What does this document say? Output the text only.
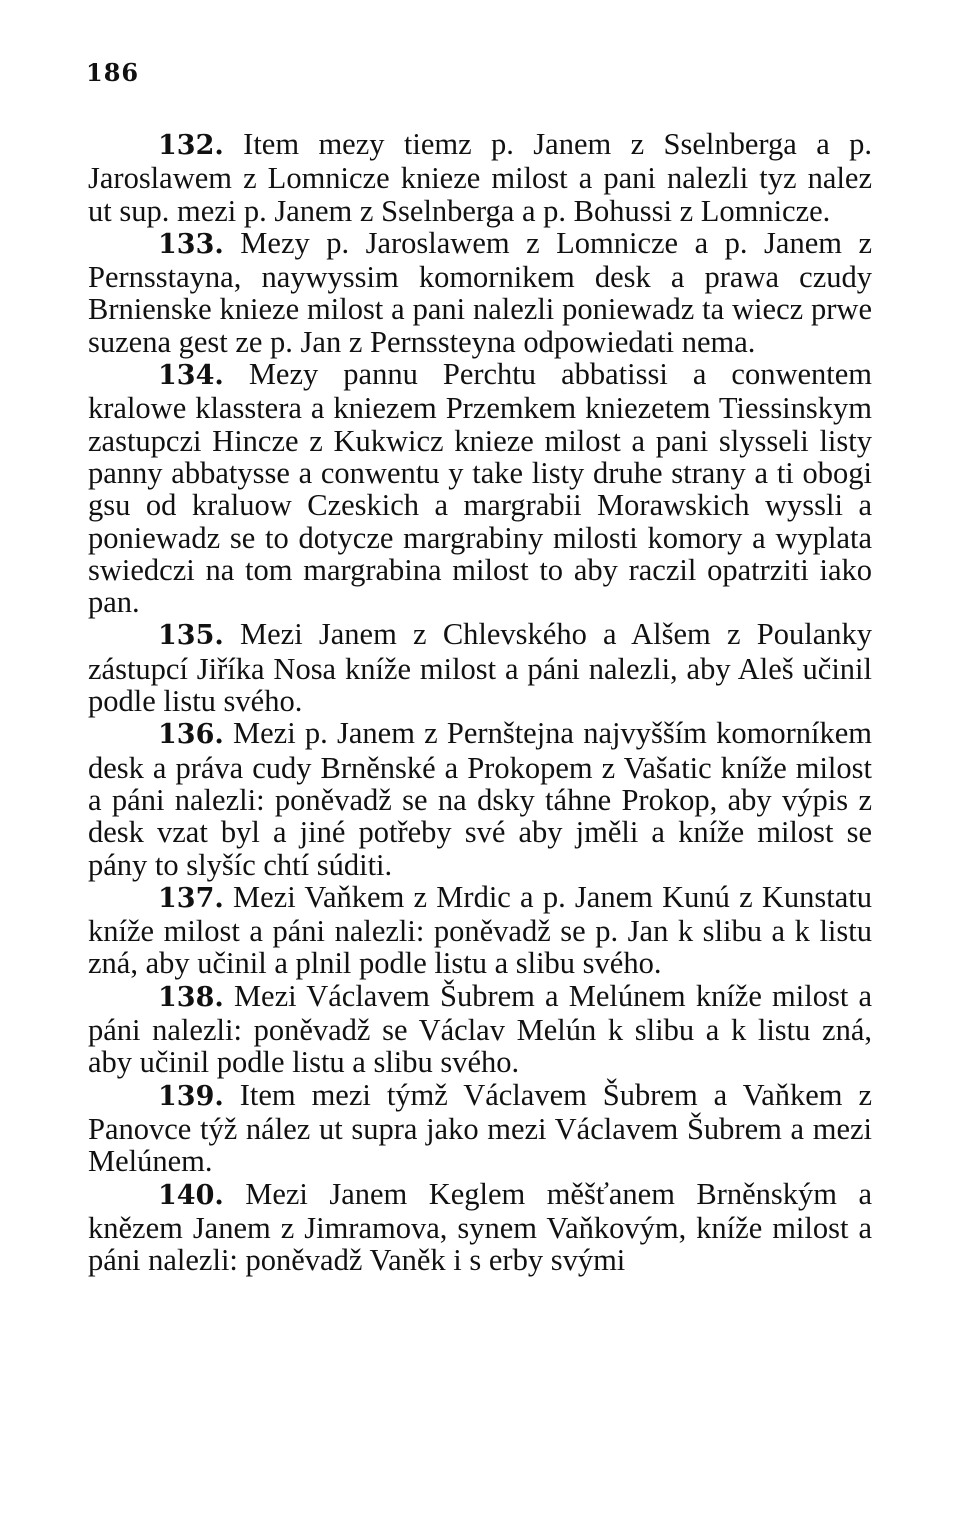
186

132. Item mezy tiemz p. Janem z Sselnberga a p. Jaroslawem z Lomnicze knieze milost a pani nalezli tyz nalez ut sup. mezi p. Janem z Sselnberga a p. Bohussi z Lomnicze.

133. Mezy p. Jaroslawem z Lomnicze a p. Janem z Pernsstayna, naywyssim komornikem desk a prawa czudy Brnienske knieze milost a pani nalezli poniewadz ta wiecz prwe suzena gest ze p. Jan z Pernssteyna odpowiedati nema.

134. Mezy pannu Perchtu abbatissi a conwentem kralowe klasstera a kniezem Przemkem kniezetem Tiessinskym zastupczi Hincze z Kukwicz knieze milost a pani slysseli listy panny abbatysse a conwentu y take listy druhe strany a ti obogi gsu od kraluow Czeskich a margrabii Morawskich wyssli a poniewadz se to dotycze margrabiny milosti komory a wyplata swiedczi na tom margrabina milost to aby raczil opatrziti iako pan.

135. Mezi Janem z Chlevského a Alšem z Poulanky zástupcí Jiříka Nosa kníže milost a páni nalezli, aby Aleš učinil podle listu svého.

136. Mezi p. Janem z Pernštejna najvyšším komorníkem desk a práva cudy Brněnské a Prokopem z Vašatic kníže milost a páni nalezli: poněvadž se na dsky táhne Prokop, aby výpis z desk vzat byl a jiné potřeby své aby jměli a kníže milost se pány to slyšíc chtí súditi.

137. Mezi Vaňkem z Mrdic a p. Janem Kunú z Kunstatu kníže milost a páni nalezli: poněvadž se p. Jan k slibu a k listu zná, aby učinil a plnil podle listu a slibu svého.

138. Mezi Václavem Šubrem a Melúnem kníže milost a páni nalezli: poněvadž se Václav Melún k slibu a k listu zná, aby učinil podle listu a slibu svého.

139. Item mezi týmž Václavem Šubrem a Vaňkem z Panovce týž nález ut supra jako mezi Václavem Šubrem a mezi Melúnem.

140. Mezi Janem Keglem měšťanem Brněnským a knězem Janem z Jimramova, synem Vaňkovým, kníže milost a páni nalezli: poněvadž Vaněk i s erby svými
